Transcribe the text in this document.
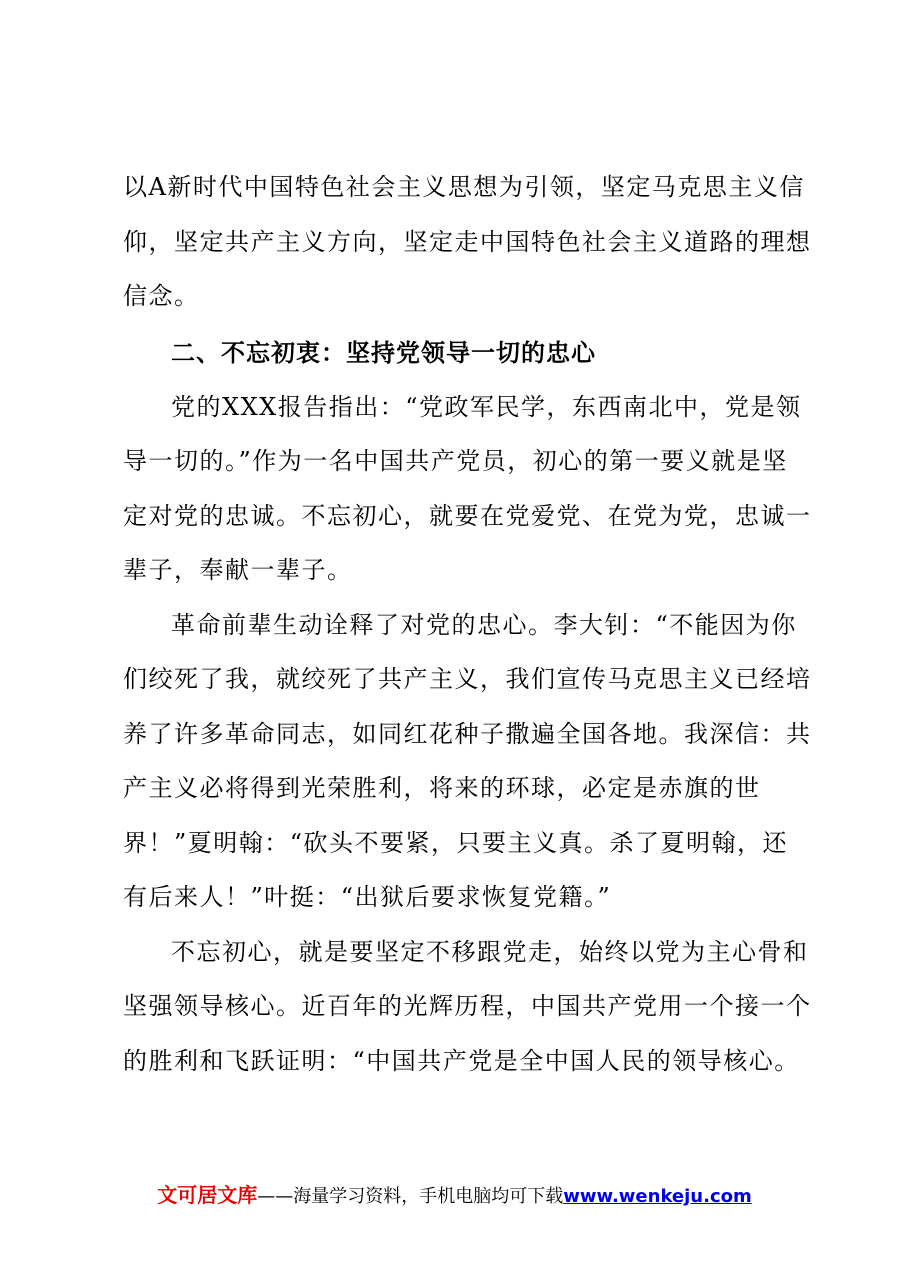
以A新时代中国特色社会主义思想为引领，坚定马克思主义信
仰，坚定共产主义方向，坚定走中国特色社会主义道路的理想
信念。
二、不忘初衷：坚持党领导一切的忠心
党的XXX报告指出：“党政军民学，东西南北中，党是领
导一切的。”作为一名中国共产党员，初心的第一要义就是坚
定对党的忠诚。不忘初心，就要在党爱党、在党为党，忠诚一
辈子，奉献一辈子。
革命前辈生动诠释了对党的忠心。李大钊：“不能因为你
们绞死了我，就绞死了共产主义，我们宣传马克思主义已经培
养了许多革命同志，如同红花种子撒遍全国各地。我深信：共
产主义必将得到光荣胜利，将来的环球，必定是赤旗的世
界！”夏明翰：“砍头不要紧，只要主义真。杀了夏明翰，还
有后来人！”叶挺：“出狱后要求恢复党籍。”
不忘初心，就是要坚定不移跟党走，始终以党为主心骨和
坚强领导核心。近百年的光辉历程，中国共产党用一个接一个
的胜利和飞跃证明：“中国共产党是全中国人民的领导核心。
文可居文库——海量学习资料，手机电脑均可下载www.wenkeju.com
